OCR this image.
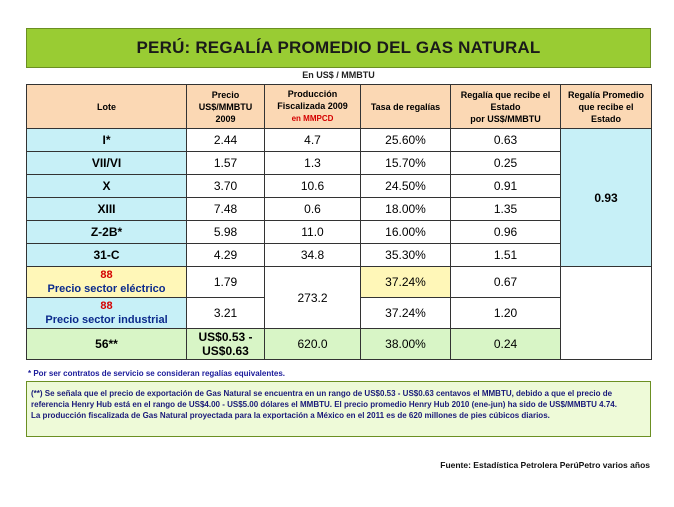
PERÚ: REGALÍA PROMEDIO DEL GAS NATURAL
En US$ / MMBTU
Lote	Precio
US$/MMBTU
2009	Producción
Fiscalizada 2009
en MMPCD	Tasa de regalías	Regalía que recibe el
Estado
por US$/MMBTU	Regalía Promedio
que recibe el
Estado
I*	2.44	4.7	25.60%	0.63	0.93
VII/VI	1.57	1.3	15.70%	0.25	
X	3.70	10.6	24.50%	0.91	
XIII	7.48	0.6	18.00%	1.35	
Z-2B*	5.98	11.0	16.00%	0.96	
31-C	4.29	34.8	35.30%	1.51	
88
Precio sector eléctrico	1.79	273.2	37.24%	0.67	
88
Precio sector industrial	3.21		37.24%	1.20	
56**	US$0.53 -
US$0.63	620.0	38.00%	0.24	
* Por ser contratos de servicio se consideran regalías equivalentes.
(**) Se señala que el precio de exportación de Gas Natural se encuentra en un rango de US$0.53 - US$0.63 centavos el MMBTU, debido a que el precio de referencia Henry Hub está en el rango de US$4.00 - US$5.00 dólares el MMBTU. El precio promedio Henry Hub 2010 (ene-jun) ha sido de US$/MMBTU 4.74.
La producción fiscalizada de Gas Natural proyectada para la exportación a México en el 2011 es de 620 millones de pies cúbicos diarios.
Fuente: Estadística Petrolera PerúPetro varios años
